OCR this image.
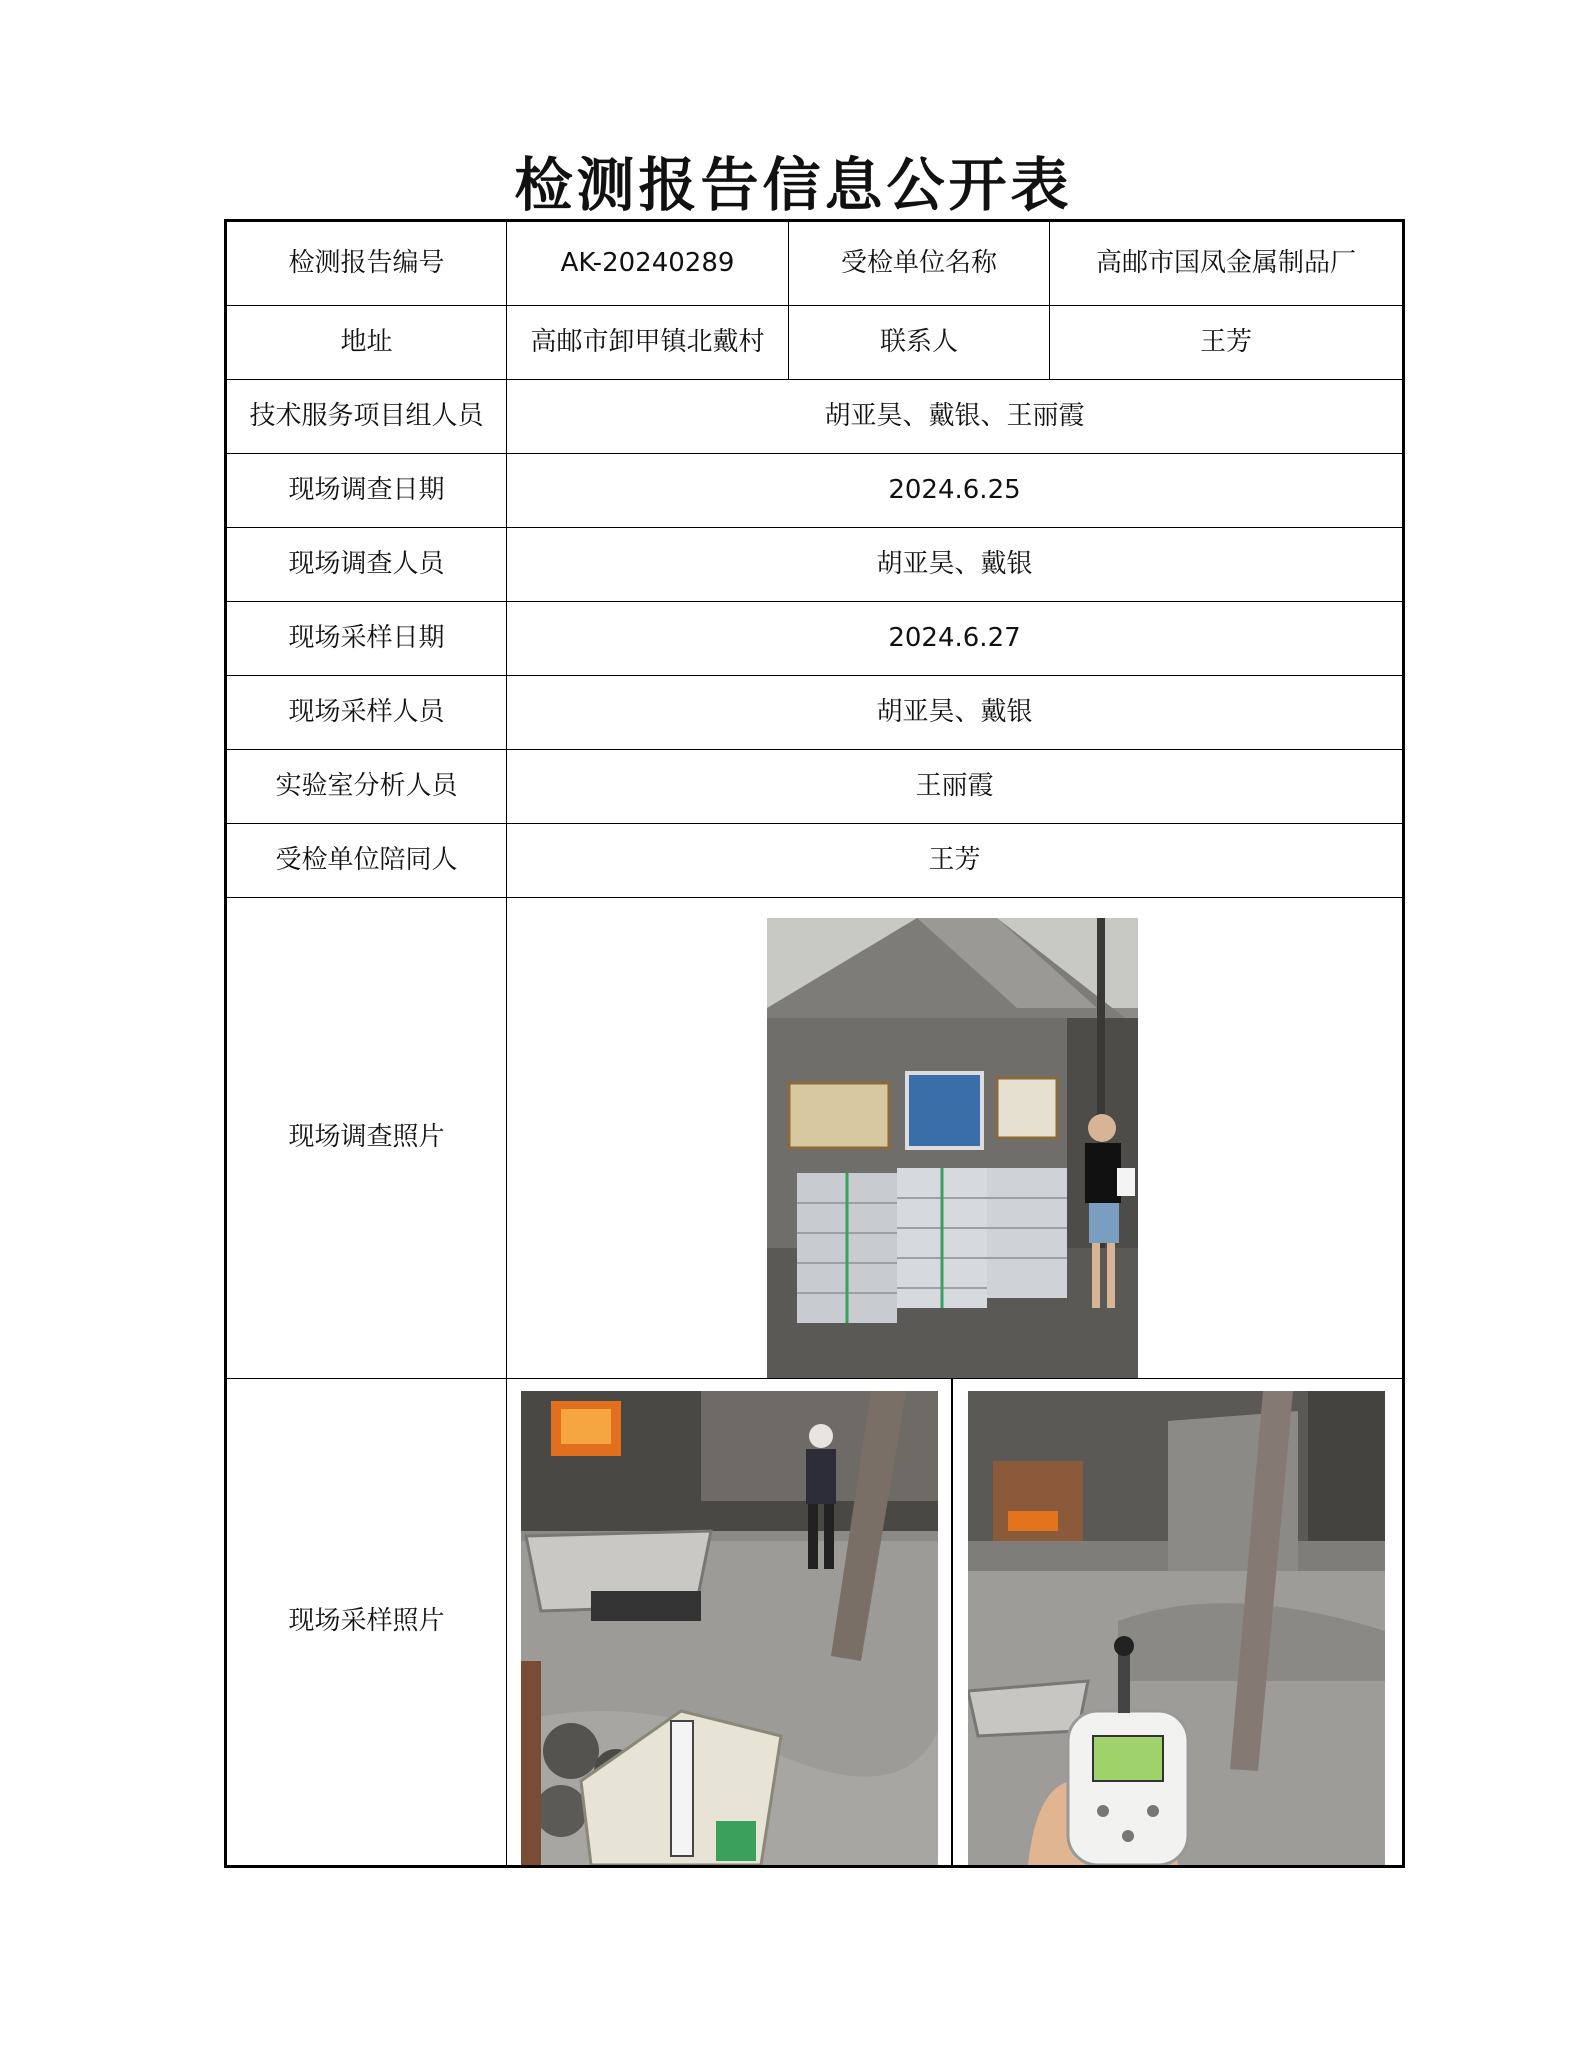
检测报告信息公开表
检测报告编号	AK-20240289	受检单位名称	高邮市国凤金属制品厂
地址	高邮市卸甲镇北戴村	联系人	王芳
技术服务项目组人员	胡亚昊、戴银、王丽霞		
现场调查日期	2024.6.25		
现场调查人员	胡亚昊、戴银		
现场采样日期	2024.6.27		
现场采样人员	胡亚昊、戴银		
实验室分析人员	王丽霞		
受检单位陪同人	王芳		
现场调查照片	

现场采样照片	
